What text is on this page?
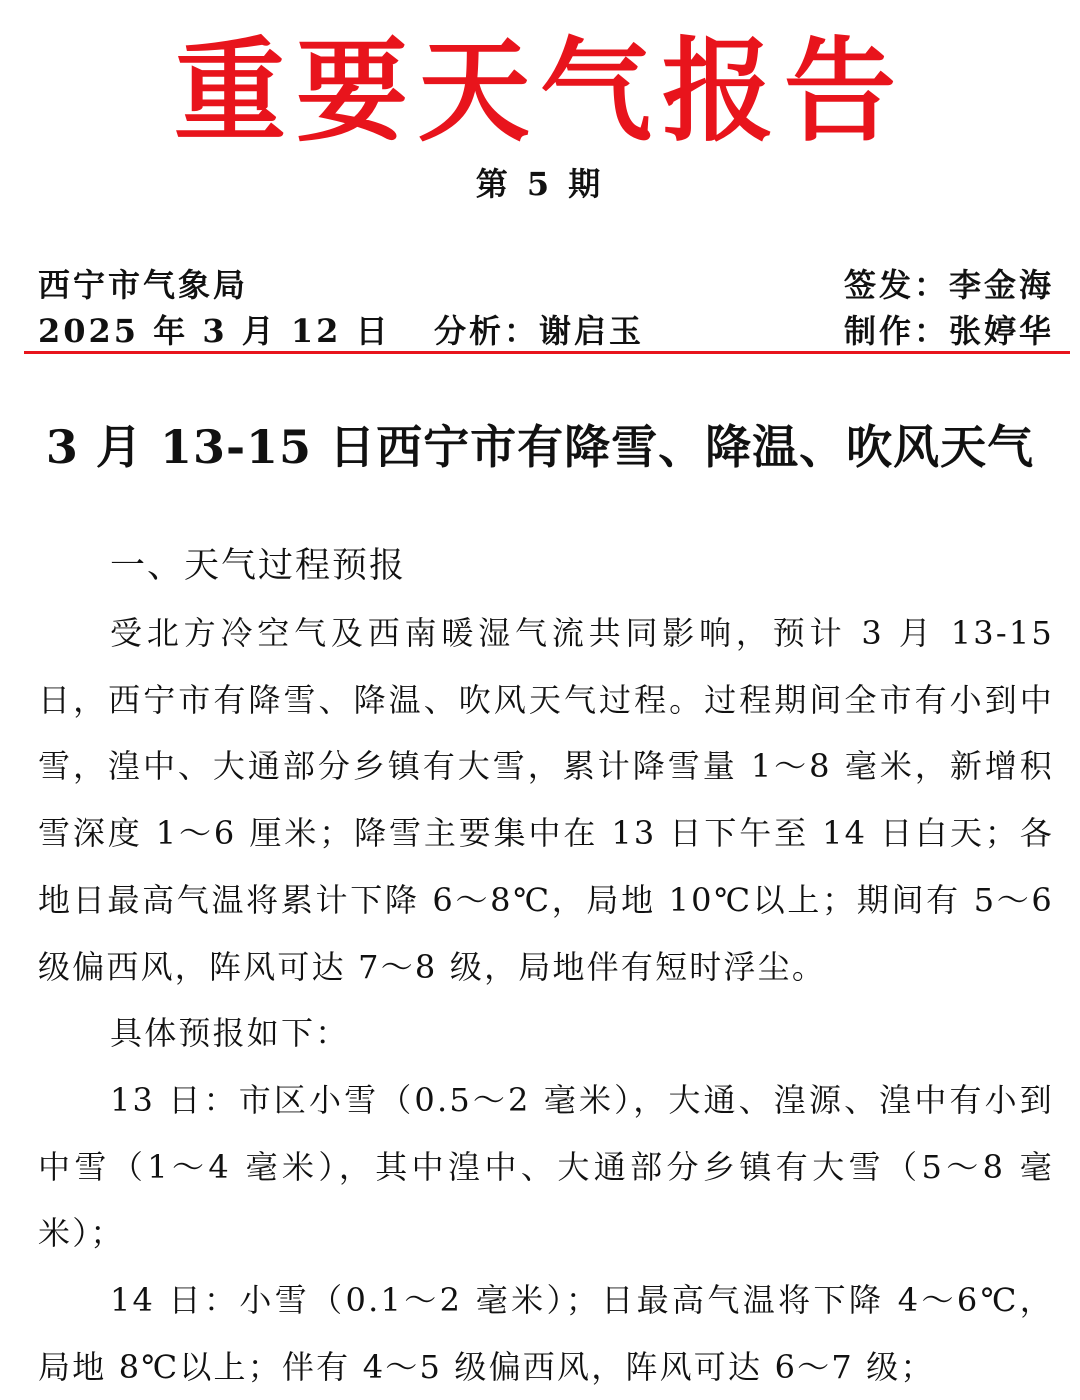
重要天气报告
第 5 期
西宁市气象局	签发：李金海
2025 年 3 月 12 日 分析：谢启玉	制作：张婷华
3 月 13-15 日西宁市有降雪、降温、吹风天气
一、天气过程预报

受北方冷空气及西南暖湿气流共同影响，预计 3 月 13-15 日，西宁市有降雪、降温、吹风天气过程。过程期间全市有小到中雪，湟中、大通部分乡镇有大雪，累计降雪量 1～8 毫米，新增积雪深度 1～6 厘米；降雪主要集中在 13 日下午至 14 日白天；各地日最高气温将累计下降 6～8℃，局地 10℃以上；期间有 5～6 级偏西风，阵风可达 7～8 级，局地伴有短时浮尘。

具体预报如下：

13 日：市区小雪（0.5～2 毫米），大通、湟源、湟中有小到中雪（1～4 毫米），其中湟中、大通部分乡镇有大雪（5～8 毫米）；

14 日：小雪（0.1～2 毫米）；日最高气温将下降 4～6℃，局地 8℃以上；伴有 4～5 级偏西风，阵风可达 6～7 级；
